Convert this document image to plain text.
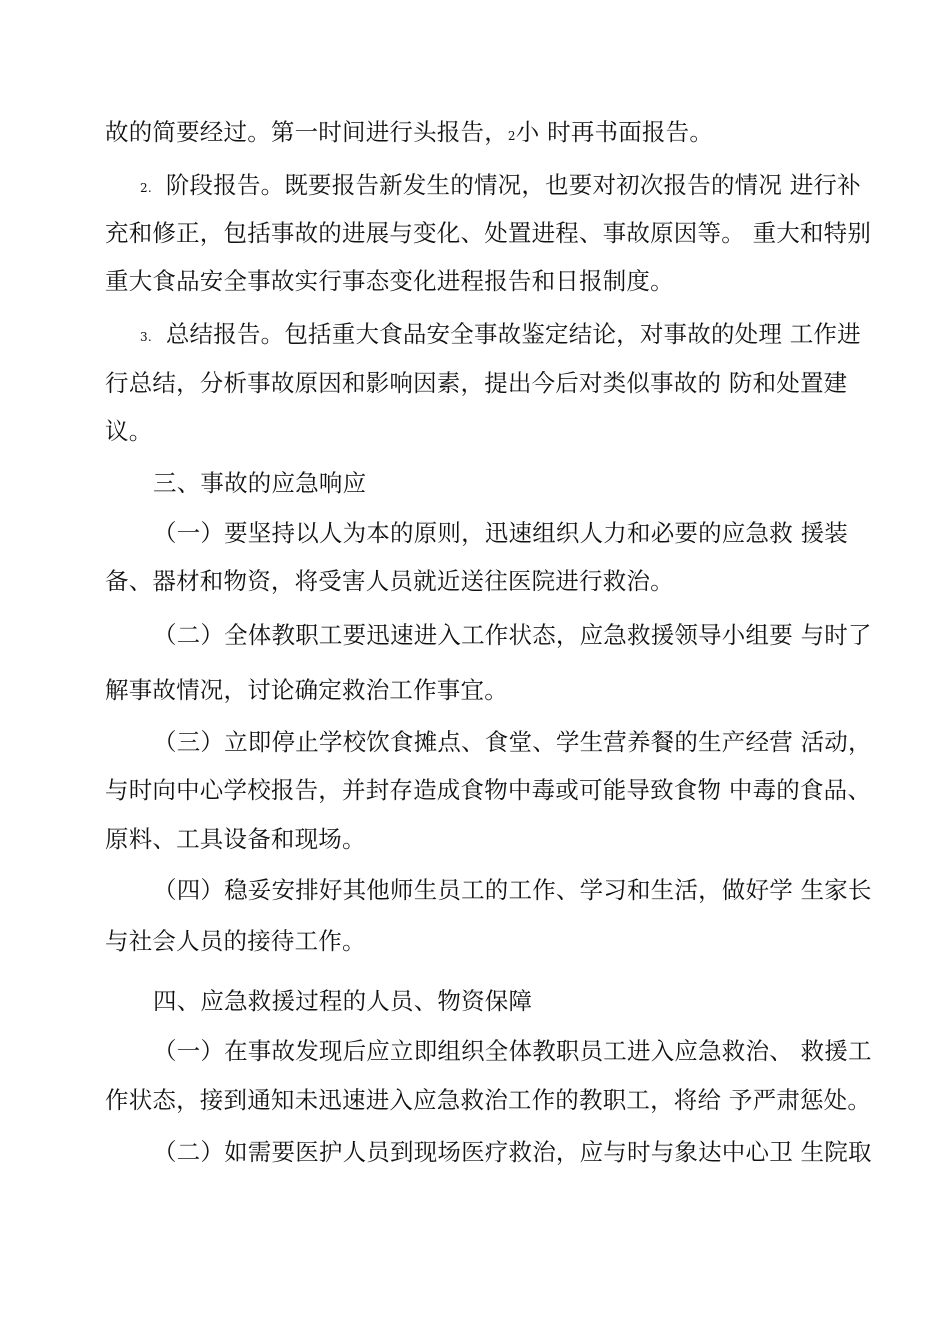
故的简要经过。第一时间进行头报告，2小 时再书面报告。
2. 阶段报告。既要报告新发生的情况，也要对初次报告的情况 进行补
充和修正，包括事故的进展与变化、处置进程、事故原因等。 重大和特别
重大食品安全事故实行事态变化进程报告和日报制度。
3. 总结报告。包括重大食品安全事故鉴定结论，对事故的处理 工作进
行总结，分析事故原因和影响因素，提出今后对类似事故的 防和处置建
议。
三、事故的应急响应
（一）要坚持以人为本的原则，迅速组织人力和必要的应急救 援装
备、器材和物资，将受害人员就近送往医院进行救治。
（二）全体教职工要迅速进入工作状态，应急救援领导小组要 与时了
解事故情况，讨论确定救治工作事宜。
（三）立即停止学校饮食摊点、食堂、学生营养餐的生产经营 活动，
与时向中心学校报告，并封存造成食物中毒或可能导致食物 中毒的食品、
原料、工具设备和现场。
（四）稳妥安排好其他师生员工的工作、学习和生活，做好学 生家长
与社会人员的接待工作。
四、应急救援过程的人员、物资保障
（一）在事故发现后应立即组织全体教职员工进入应急救治、 救援工
作状态，接到通知未迅速进入应急救治工作的教职工，将给 予严肃惩处。
（二）如需要医护人员到现场医疗救治，应与时与象达中心卫 生院取
